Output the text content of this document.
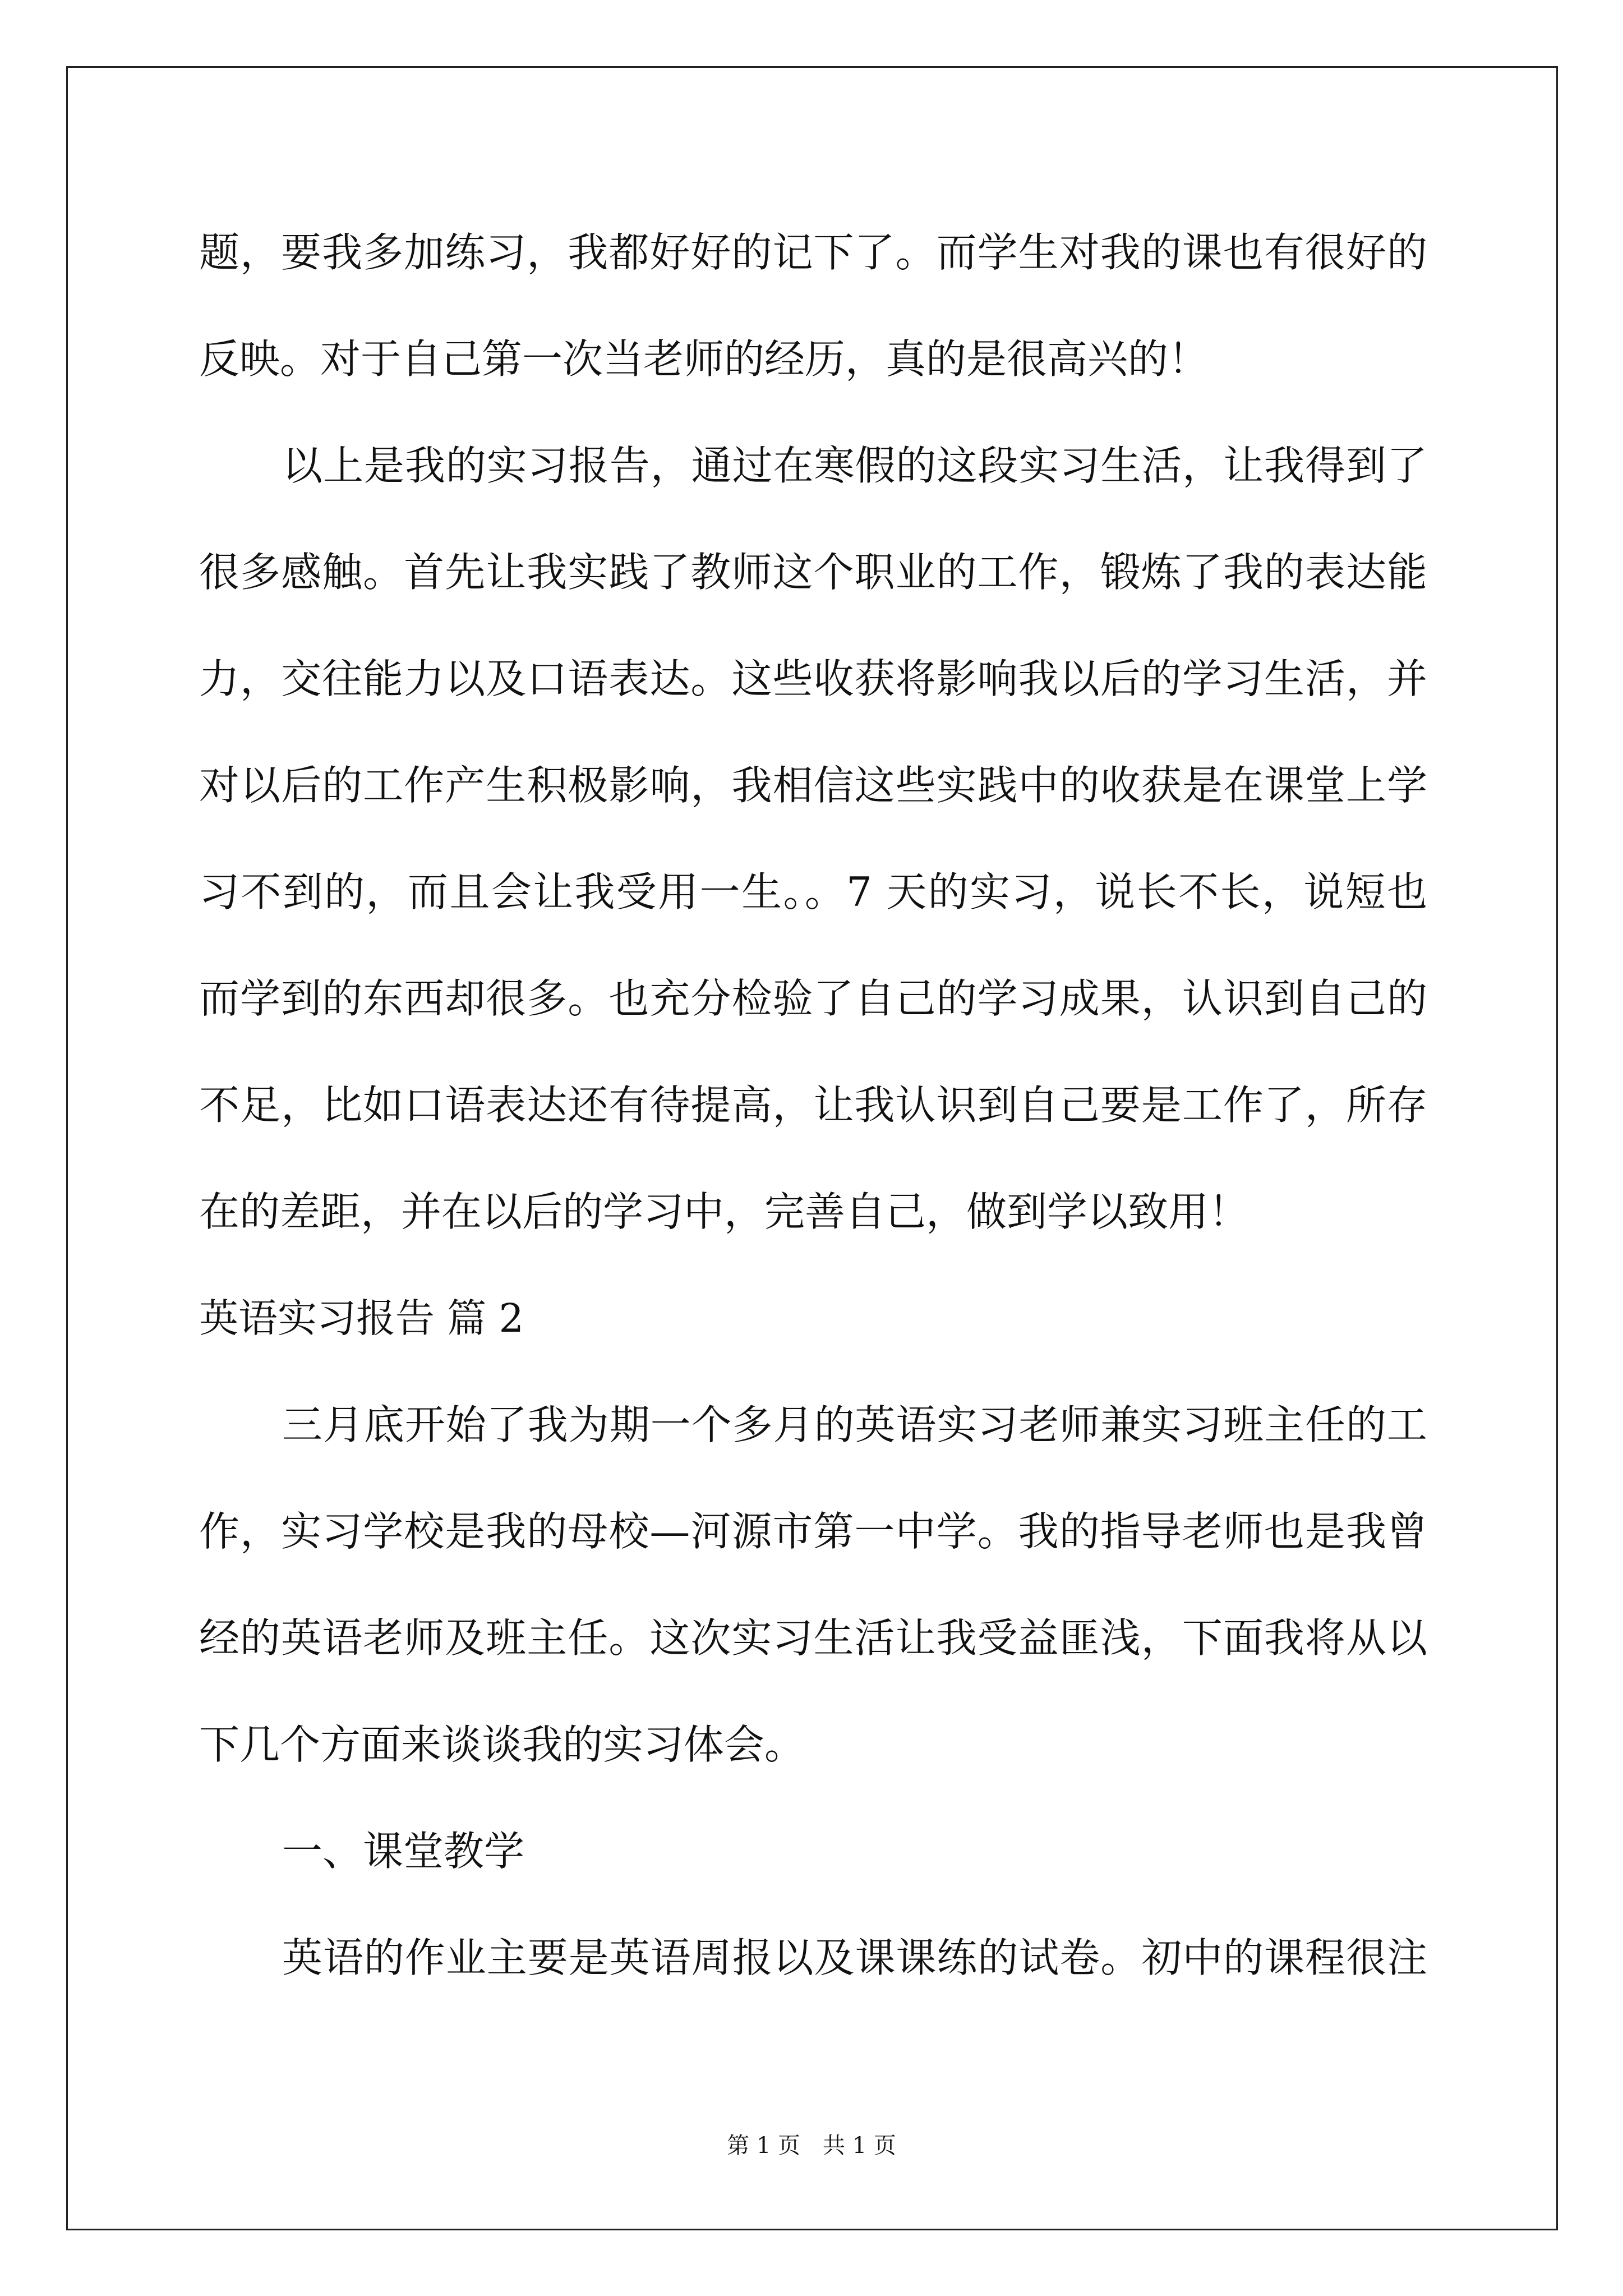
题，要我多加练习，我都好好的记下了。而学生对我的课也有很好的
反映。对于自己第一次当老师的经历，真的是很高兴的！
以上是我的实习报告，通过在寒假的这段实习生活，让我得到了
很多感触。首先让我实践了教师这个职业的工作，锻炼了我的表达能
力，交往能力以及口语表达。这些收获将影响我以后的学习生活，并
对以后的工作产生积极影响，我相信这些实践中的收获是在课堂上学
习不到的，而且会让我受用一生。。7 天的实习，说长不长，说短也
而学到的东西却很多。也充分检验了自己的学习成果，认识到自己的
不足，比如口语表达还有待提高，让我认识到自己要是工作了，所存
在的差距，并在以后的学习中，完善自己，做到学以致用！
英语实习报告 篇 2
三月底开始了我为期一个多月的英语实习老师兼实习班主任的工
作，实习学校是我的母校—河源市第一中学。我的指导老师也是我曾
经的英语老师及班主任。这次实习生活让我受益匪浅，下面我将从以
下几个方面来谈谈我的实习体会。
一、课堂教学
英语的作业主要是英语周报以及课课练的试卷。初中的课程很注
第 1 页　共 1 页
